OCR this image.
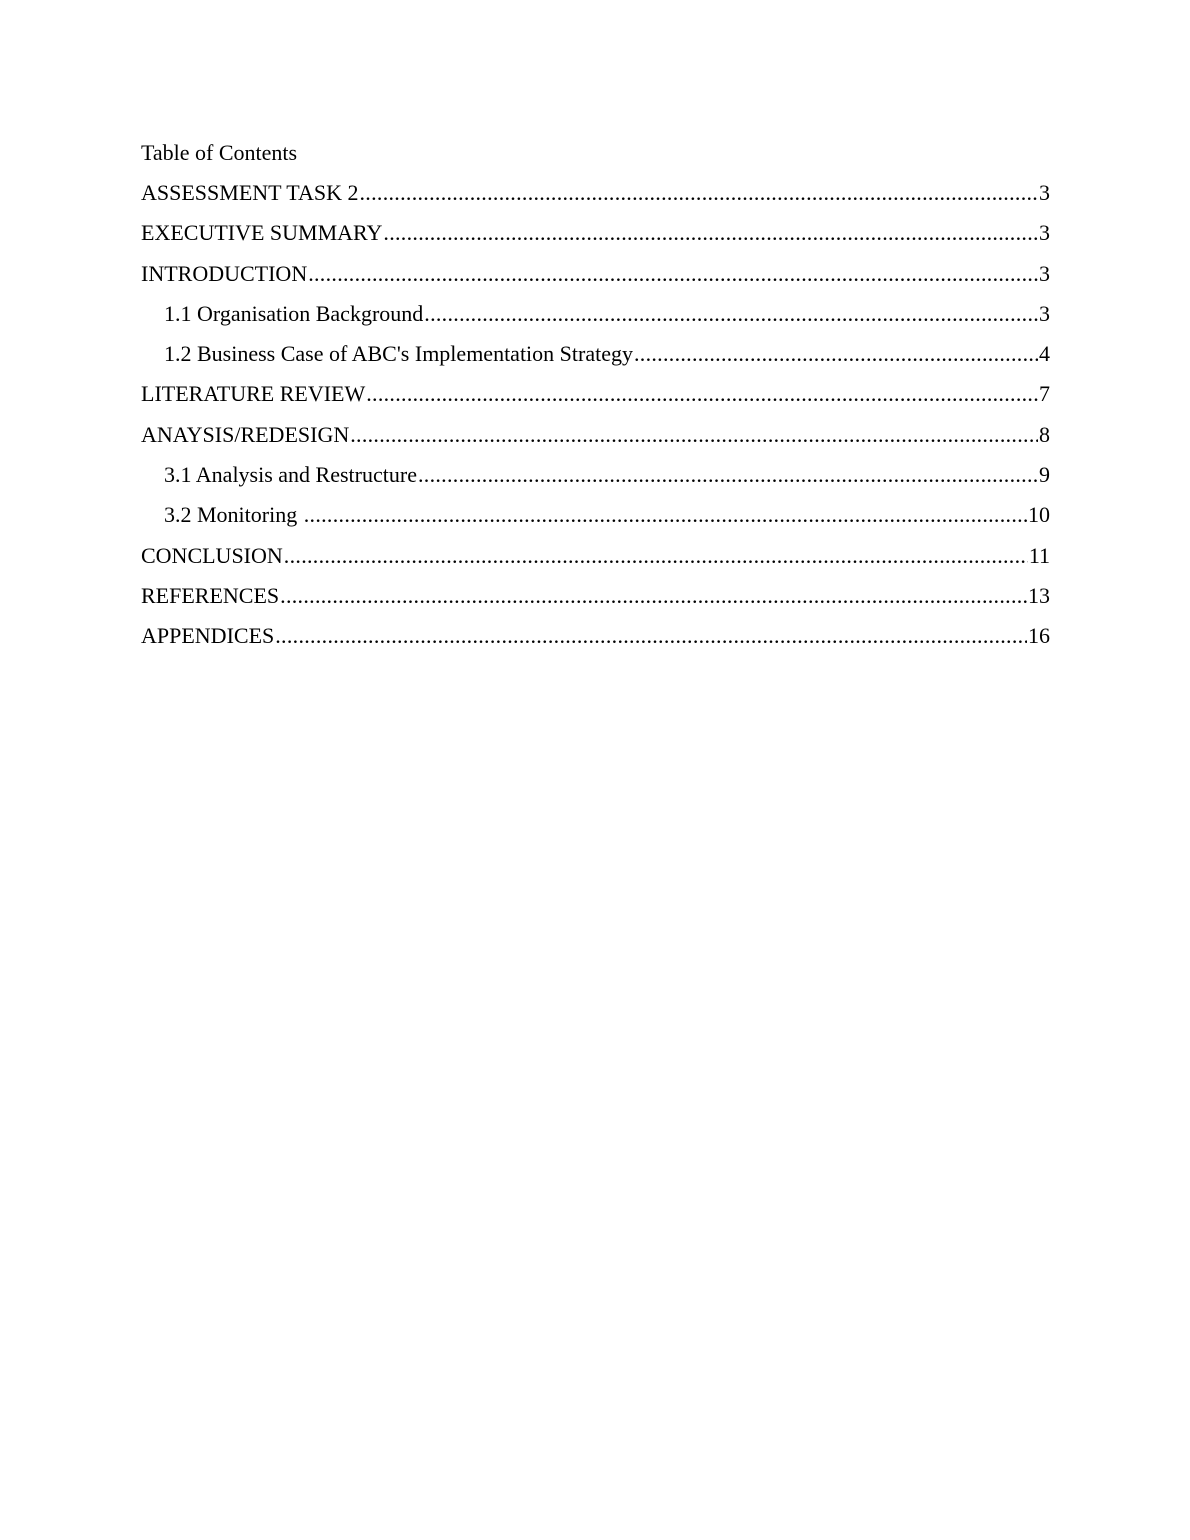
Table of Contents
ASSESSMENT TASK 2 .....	3
EXECUTIVE SUMMARY .....	3
INTRODUCTION .....	3
1.1 Organisation Background .....	3
1.2 Business Case of ABC's Implementation Strategy .....	4
LITERATURE REVIEW .....	7
ANAYSIS/REDESIGN .....	8
3.1 Analysis and Restructure .....	9
3.2 Monitoring .....	10
CONCLUSION .....	11
REFERENCES .....	13
APPENDICES .....	16
